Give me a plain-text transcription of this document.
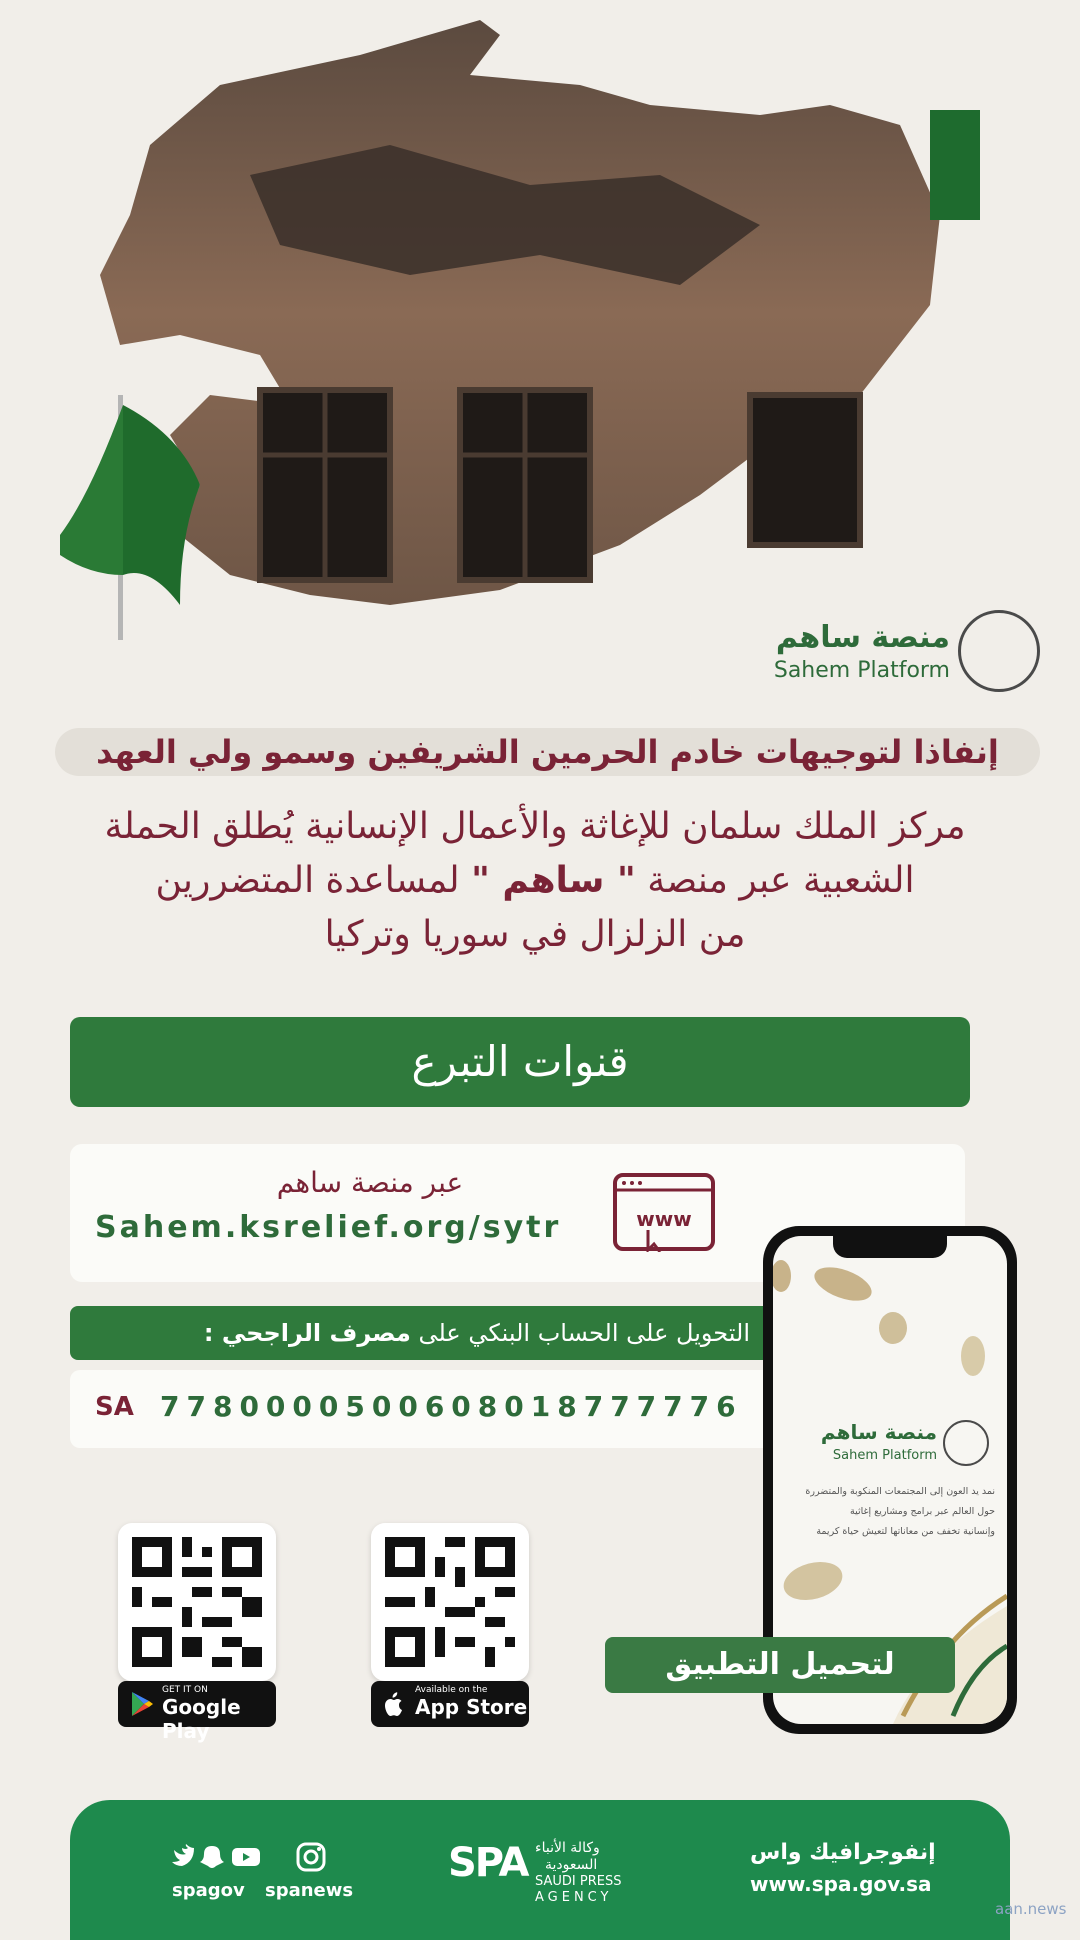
منصة ساهم
Sahem Platform
إنفاذا لتوجيهات خادم الحرمين الشريفين وسمو ولي العهد
مركز الملك سلمان للإغاثة والأعمال الإنسانية يُطلق الحملة
الشعبية عبر منصة " ساهم " لمساعدة المتضررين
من الزلزال في سوريا وتركيا
قنوات التبرع
عبر منصة ساهم
Sahem.ksrelief.org/sytr	www
التحويل على الحساب البنكي على مصرف الراجحي :
SA 7780000500608018777776
GET IT ON
Google Play
Available on the
App Store
منصة ساهم
Sahem Platform
نمد يد العون إلى المجتمعات المنكوبة والمتضررة
حول العالم عبر برامج ومشاريع إغاثية
وإنسانية تخفف من معاناتها لتعيش حياة كريمة
لتحميل التطبيق
spagov spanews
SPA وكالة الأنباء
السعودية
SAUDI PRESS
AGENCY
إنفوجرافيك واس
www.spa.gov.sa
aan.news
